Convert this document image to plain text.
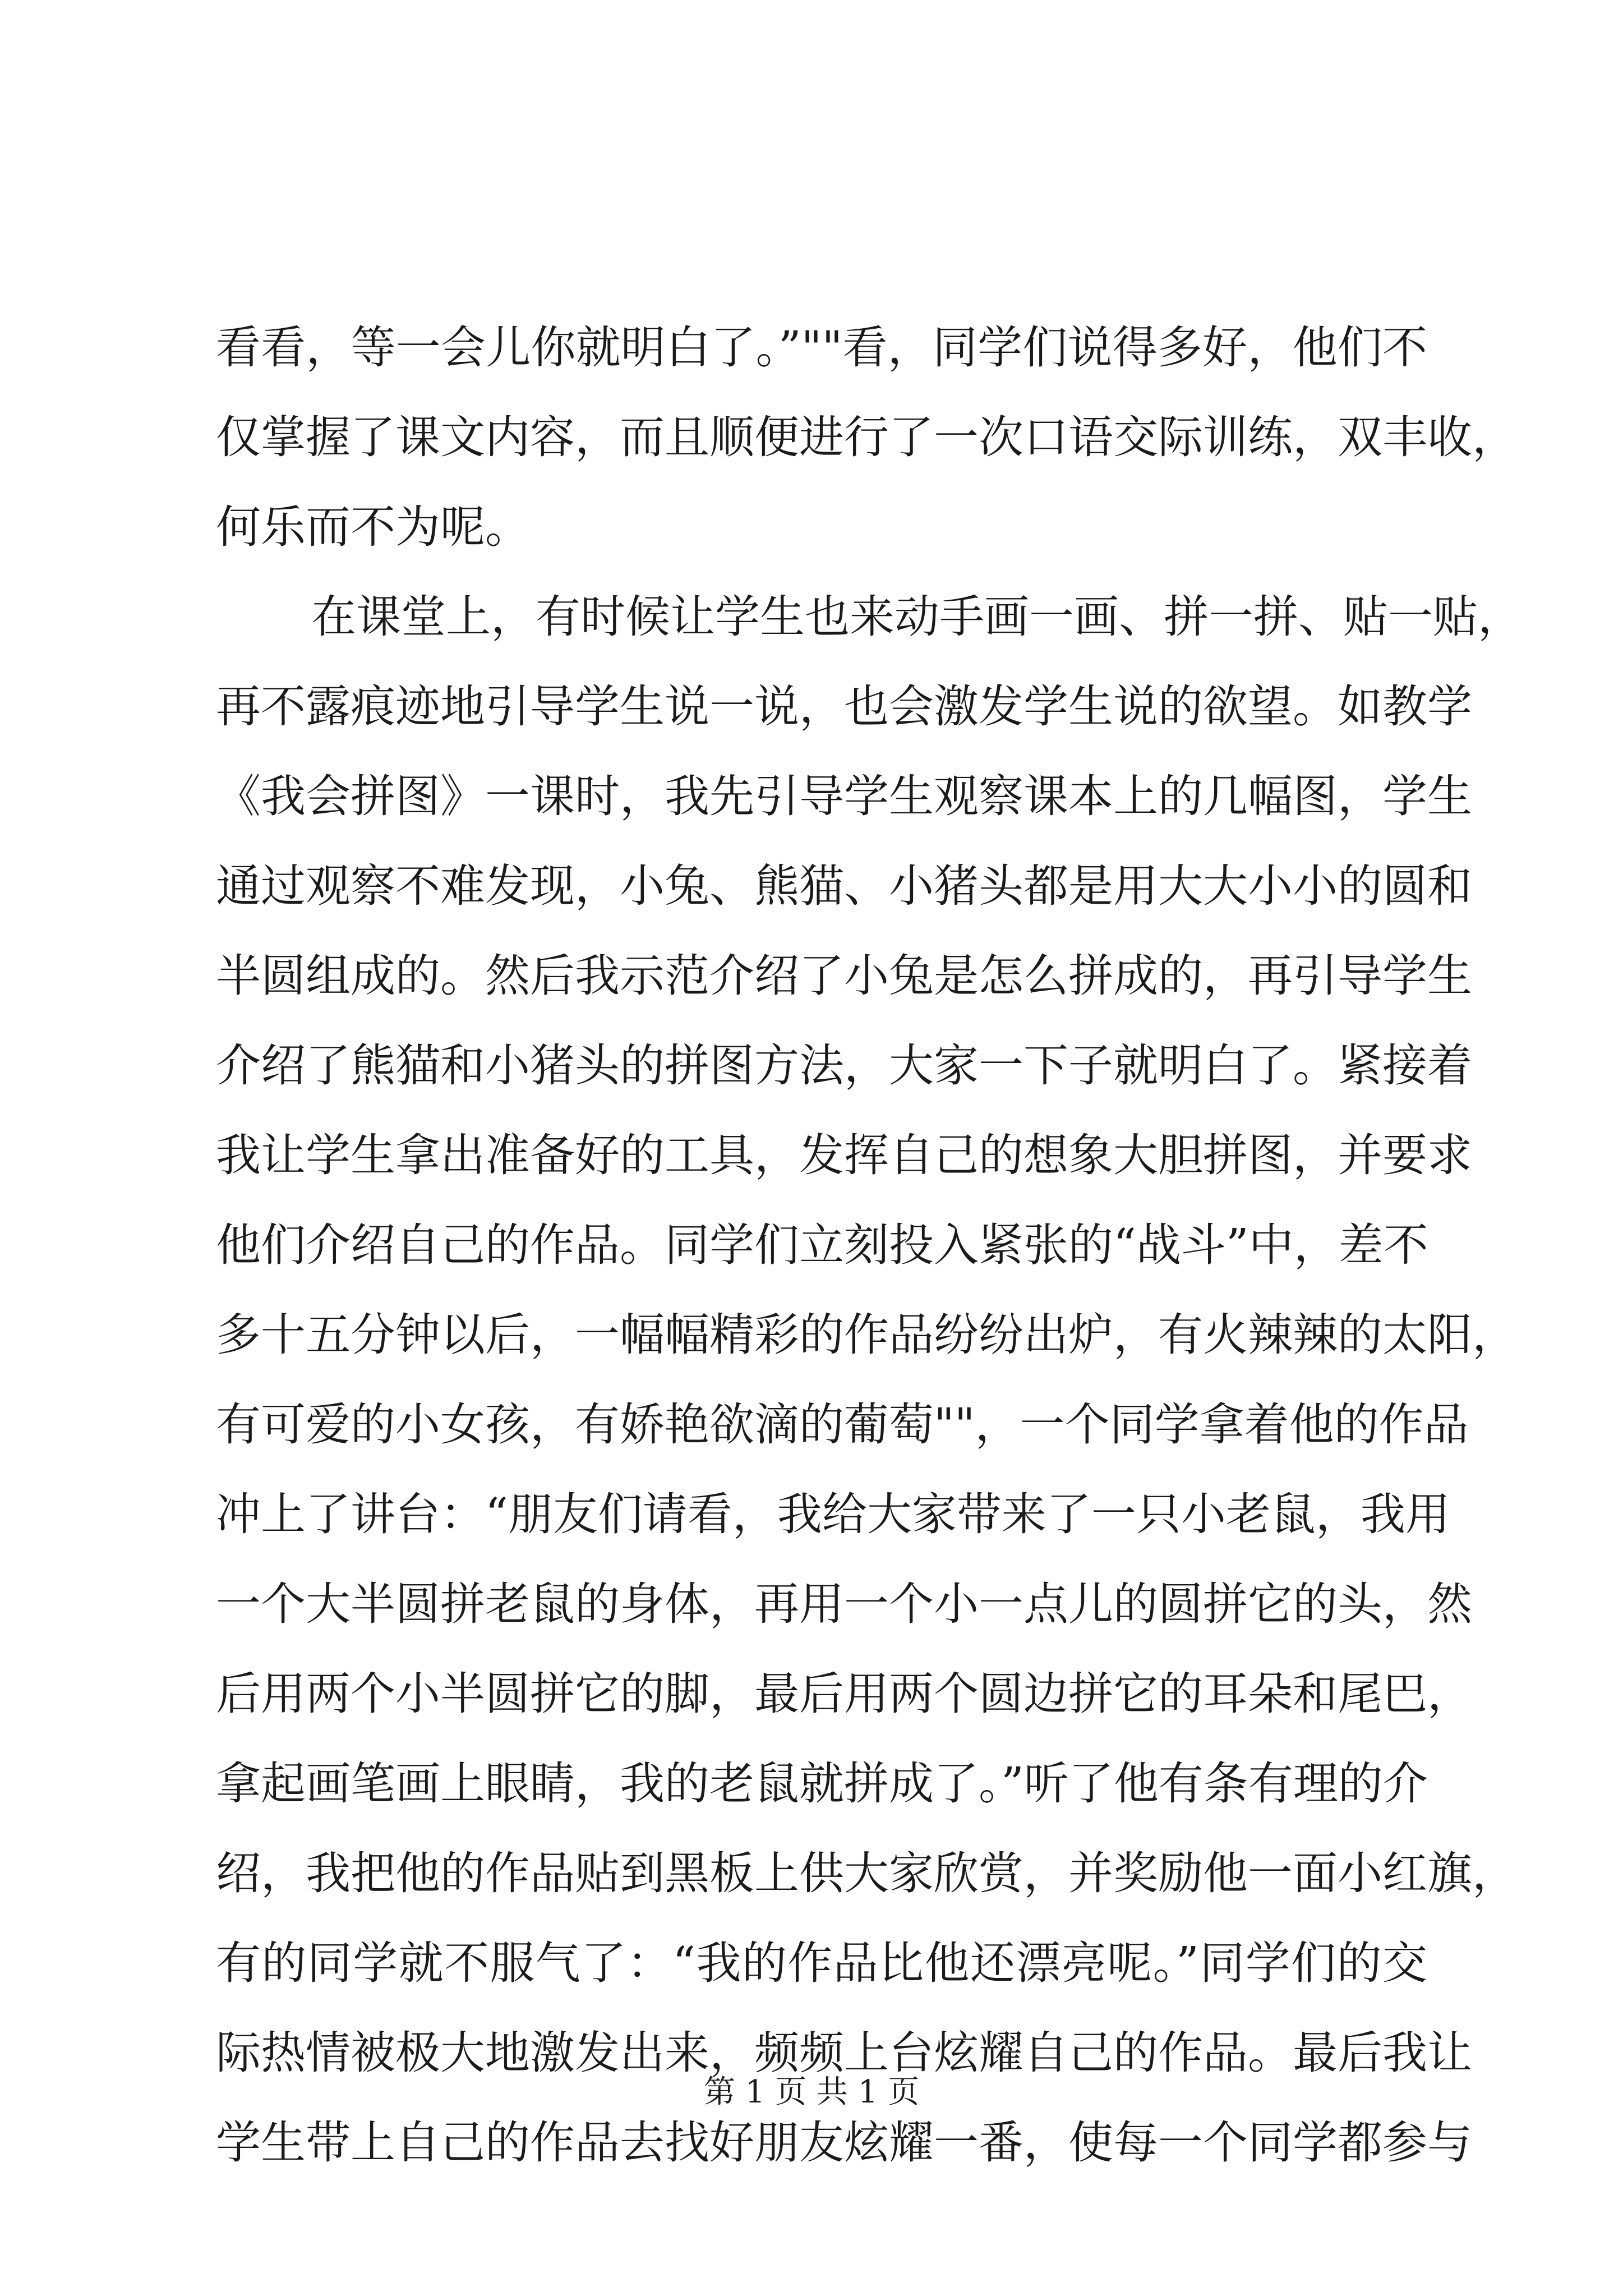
看看，等一会儿你就明白了。”""看，同学们说得多好，他们不
仅掌握了课文内容，而且顺便进行了一次口语交际训练，双丰收，
何乐而不为呢。
在课堂上，有时候让学生也来动手画一画、拼一拼、贴一贴，
再不露痕迹地引导学生说一说，也会激发学生说的欲望。如教学
《我会拼图》一课时，我先引导学生观察课本上的几幅图，学生
通过观察不难发现，小兔、熊猫、小猪头都是用大大小小的圆和
半圆组成的。然后我示范介绍了小兔是怎么拼成的，再引导学生
介绍了熊猫和小猪头的拼图方法，大家一下子就明白了。紧接着
我让学生拿出准备好的工具，发挥自己的想象大胆拼图，并要求
他们介绍自己的作品。同学们立刻投入紧张的“战斗”中，差不
多十五分钟以后，一幅幅精彩的作品纷纷出炉，有火辣辣的太阳，
有可爱的小女孩，有娇艳欲滴的葡萄""，一个同学拿着他的作品
冲上了讲台：“朋友们请看，我给大家带来了一只小老鼠，我用
一个大半圆拼老鼠的身体，再用一个小一点儿的圆拼它的头，然
后用两个小半圆拼它的脚，最后用两个圆边拼它的耳朵和尾巴，
拿起画笔画上眼睛，我的老鼠就拼成了。”听了他有条有理的介
绍，我把他的作品贴到黑板上供大家欣赏，并奖励他一面小红旗，
有的同学就不服气了：“我的作品比他还漂亮呢。”同学们的交
际热情被极大地激发出来，频频上台炫耀自己的作品。最后我让
学生带上自己的作品去找好朋友炫耀一番，使每一个同学都参与
第 1 页 共 1 页
